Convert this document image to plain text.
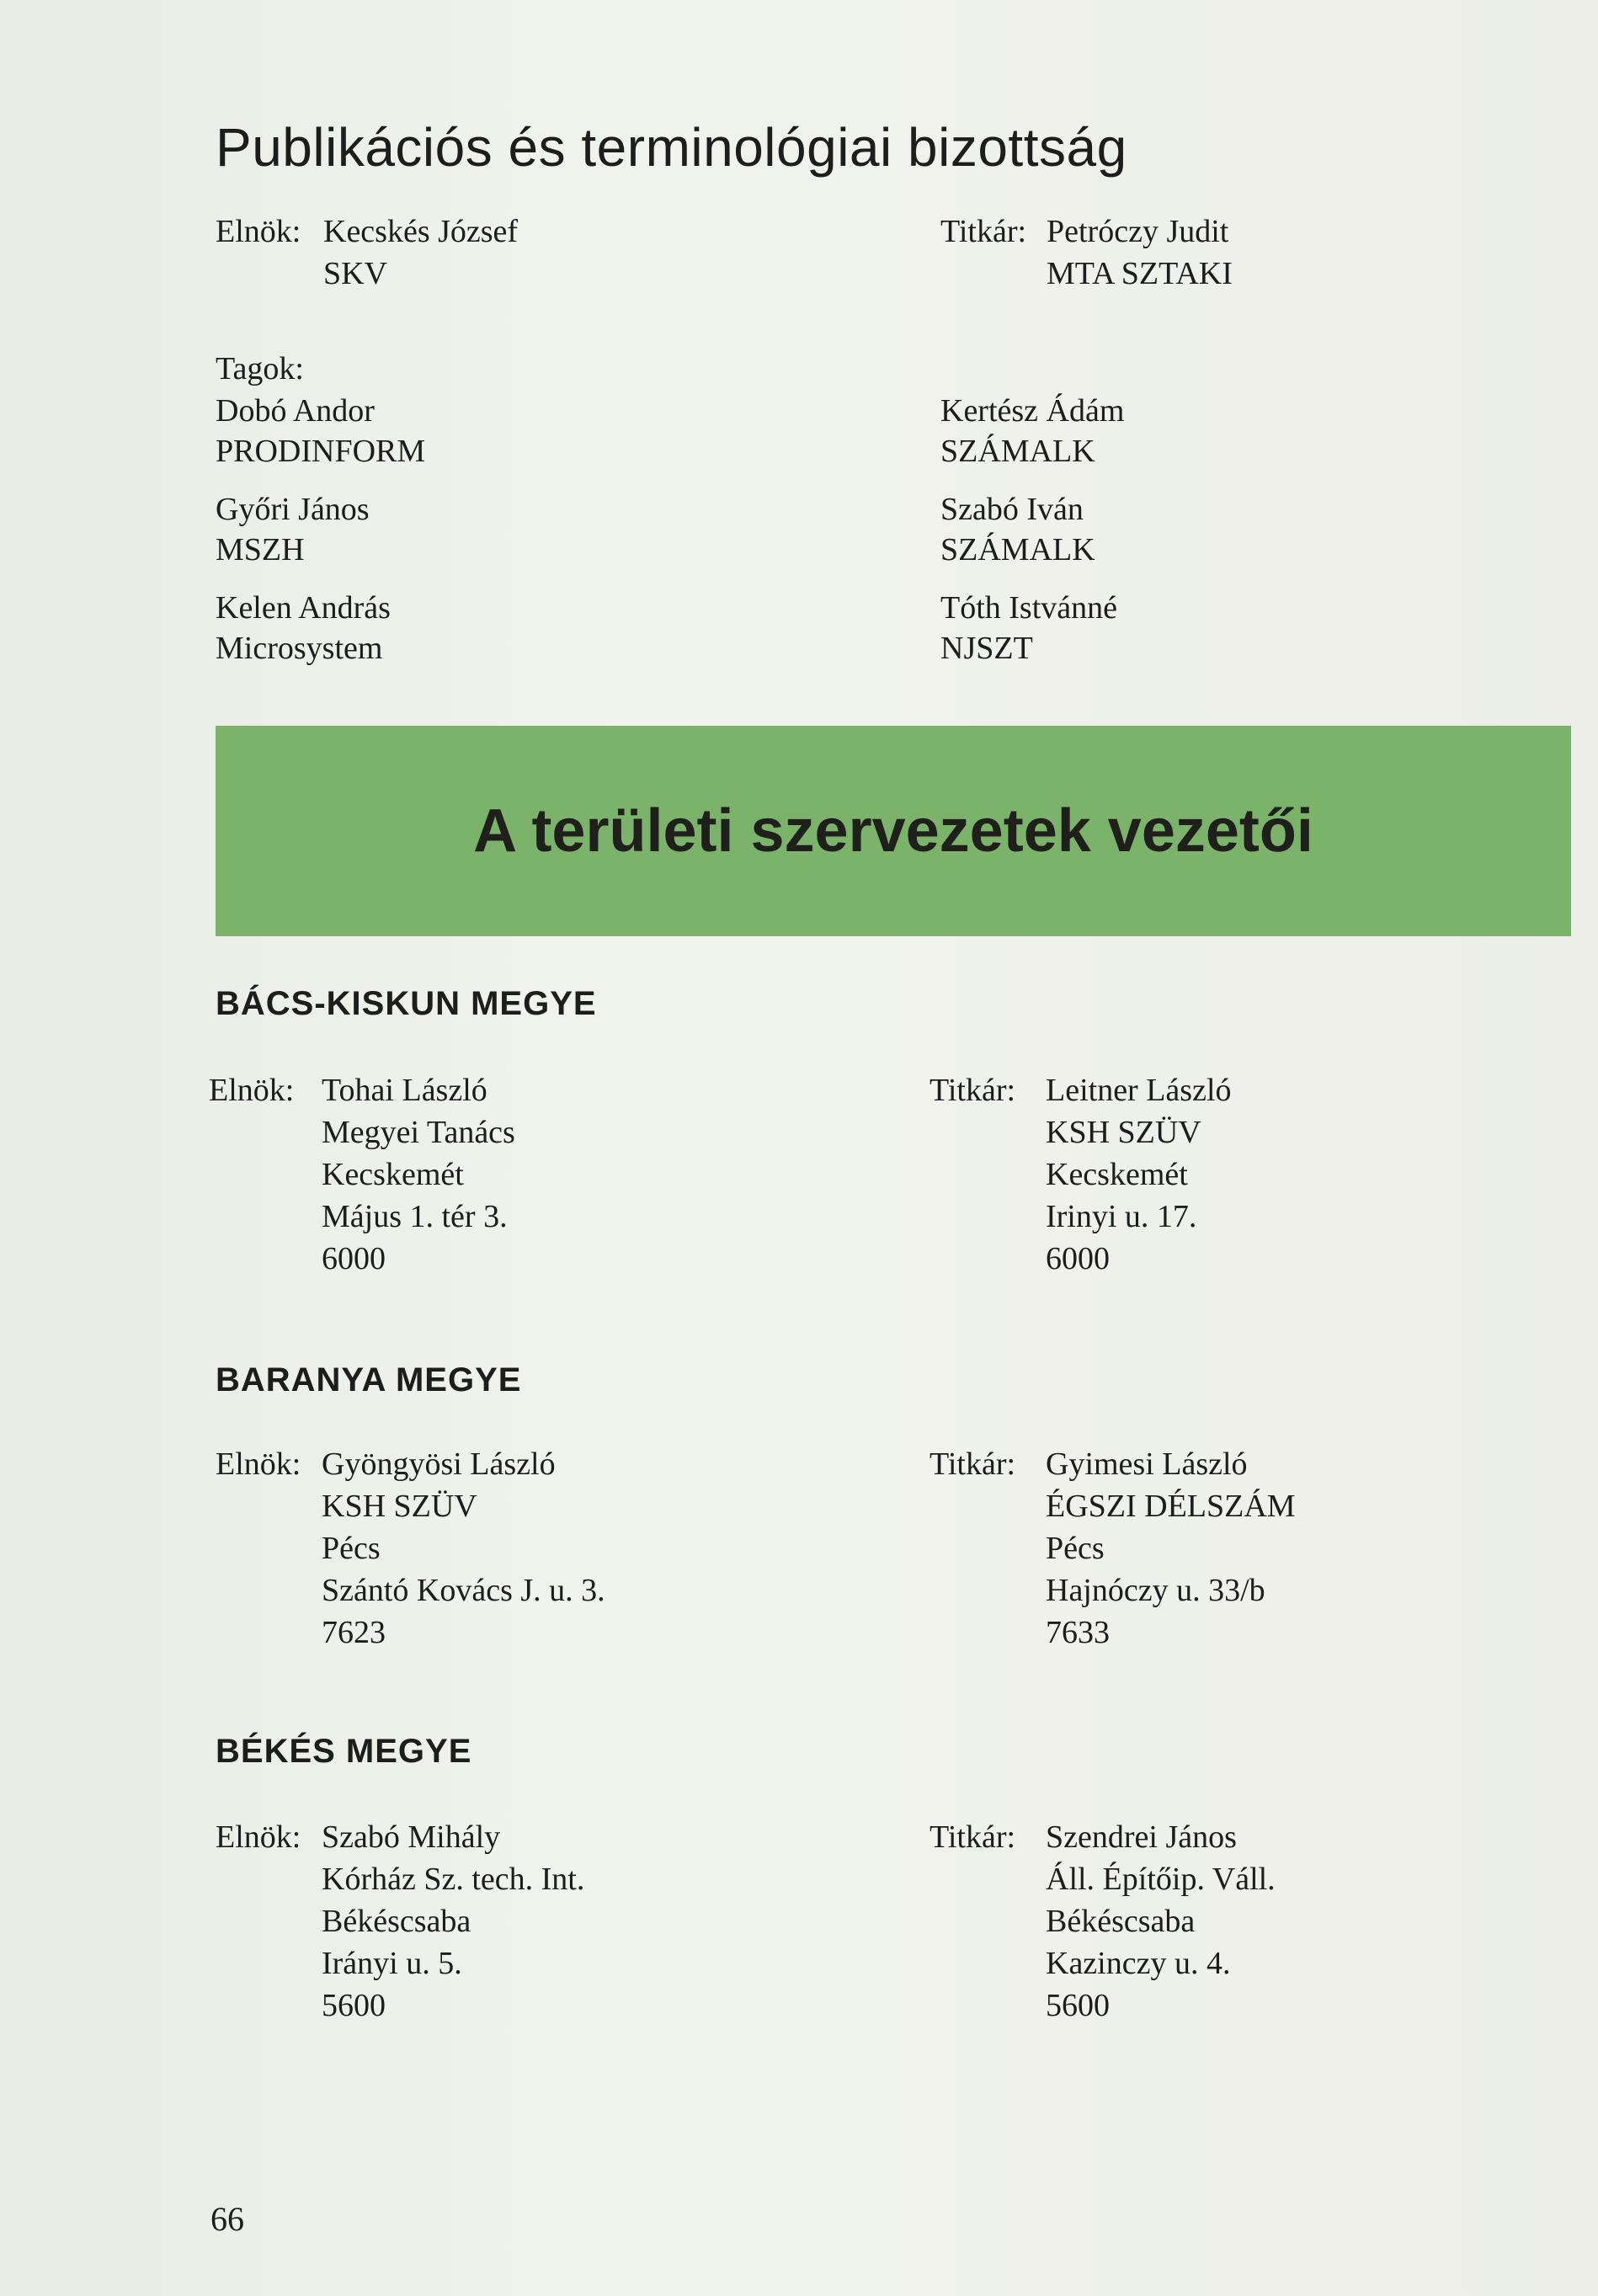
Publikációs és terminológiai bizottság
Elnök: Kecskés József
SKV
Titkár: Petróczy Judit
MTA SZTAKI
Tagok:
Dobó Andor
PRODINFORM
Győri János
MSZH
Kelen András
Microsystem
Kertész Ádám
SZÁMALK
Szabó Iván
SZÁMALK
Tóth Istvánné
NJSZT
A területi szervezetek vezetői
BÁCS-KISKUN MEGYE
Elnök: Tohai László
Megyei Tanács
Kecskemét
Május 1. tér 3.
6000
Titkár: Leitner László
KSH SZÜV
Kecskemét
Irinyi u. 17.
6000
BARANYA MEGYE
Elnök: Gyöngyösi László
KSH SZÜV
Pécs
Szántó Kovács J. u. 3.
7623
Titkár: Gyimesi László
ÉGSZI DÉLSZÁM
Pécs
Hajnóczy u. 33/b
7633
BÉKÉS MEGYE
Elnök: Szabó Mihály
Kórház Sz. tech. Int.
Békéscsaba
Irányi u. 5.
5600
Titkár: Szendrei János
Áll. Építőip. Váll.
Békéscsaba
Kazinczy u. 4.
5600
66
